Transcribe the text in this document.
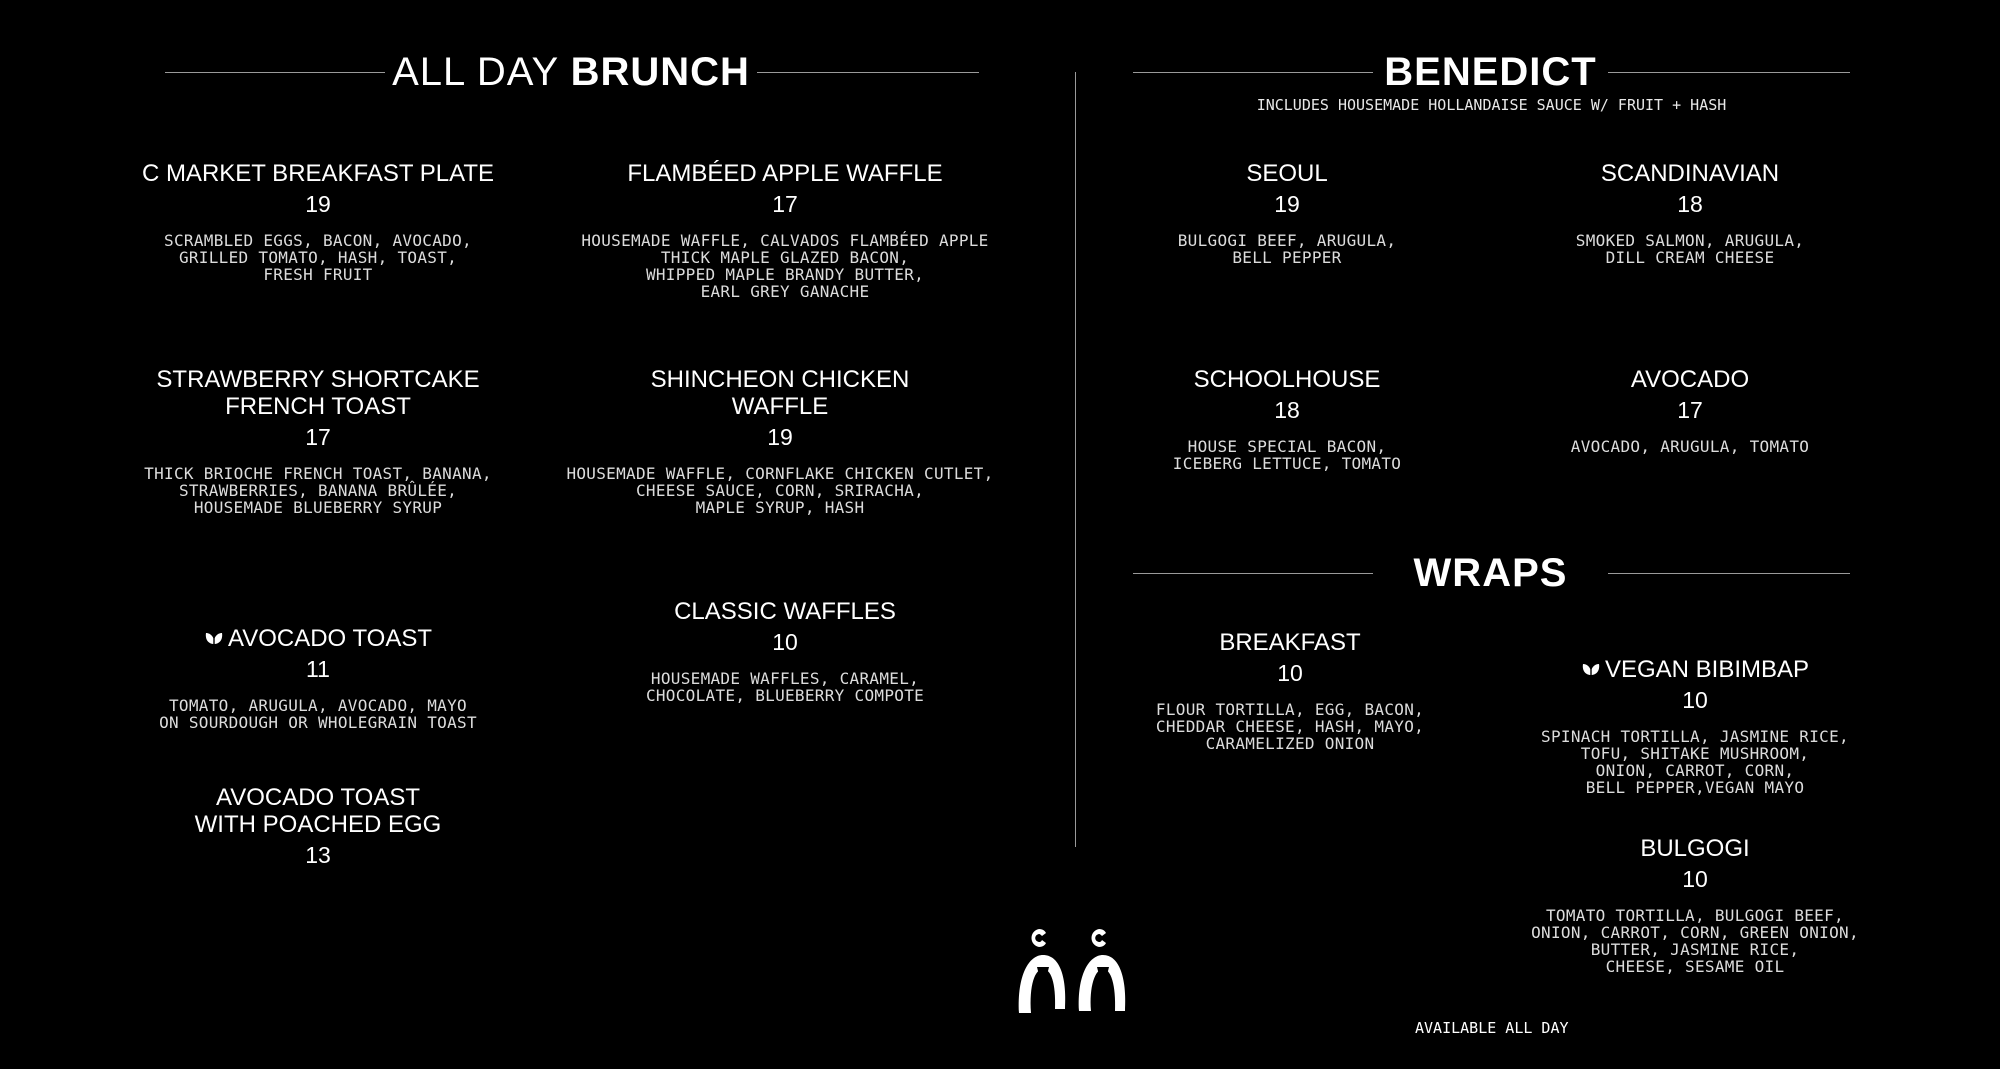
ALL DAY BRUNCH	BENEDICT
INCLUDES HOUSEMADE HOLLANDAISE SAUCE W/ FRUIT + HASH
WRAPS
C MARKET BREAKFAST PLATE
19
SCRAMBLED EGGS, BACON, AVOCADO,
GRILLED TOMATO, HASH, TOAST,
FRESH FRUIT
FLAMBÉED APPLE WAFFLE
17
HOUSEMADE WAFFLE, CALVADOS FLAMBÉED APPLE
THICK MAPLE GLAZED BACON,
WHIPPED MAPLE BRANDY BUTTER,
EARL GREY GANACHE
STRAWBERRY SHORTCAKE
FRENCH TOAST
17
THICK BRIOCHE FRENCH TOAST, BANANA,
STRAWBERRIES, BANANA BRÛLÉE,
HOUSEMADE BLUEBERRY SYRUP
SHINCHEON CHICKEN
WAFFLE
19
HOUSEMADE WAFFLE, CORNFLAKE CHICKEN CUTLET,
CHEESE SAUCE, CORN, SRIRACHA,
MAPLE SYRUP, HASH

AVOCADO TOAST

11
TOMATO, ARUGULA, AVOCADO, MAYO
ON SOURDOUGH OR WHOLEGRAIN TOAST
CLASSIC WAFFLES
10
HOUSEMADE WAFFLES, CARAMEL,
CHOCOLATE, BLUEBERRY COMPOTE
AVOCADO TOAST
WITH POACHED EGG
13
SEOUL
19
BULGOGI BEEF, ARUGULA,
BELL PEPPER
SCANDINAVIAN
18
SMOKED SALMON, ARUGULA,
DILL CREAM CHEESE
SCHOOLHOUSE
18
HOUSE SPECIAL BACON,
ICEBERG LETTUCE, TOMATO
AVOCADO
17
AVOCADO, ARUGULA, TOMATO
BREAKFAST
10
FLOUR TORTILLA, EGG, BACON,
CHEDDAR CHEESE, HASH, MAYO,
CARAMELIZED ONION

VEGAN BIBIMBAP

10
SPINACH TORTILLA, JASMINE RICE,
TOFU, SHITAKE MUSHROOM,
ONION, CARROT, CORN,
BELL PEPPER,VEGAN MAYO
BULGOGI
10
TOMATO TORTILLA, BULGOGI BEEF,
ONION, CARROT, CORN, GREEN ONION,
BUTTER, JASMINE RICE,
CHEESE, SESAME OIL
AVAILABLE ALL DAY
